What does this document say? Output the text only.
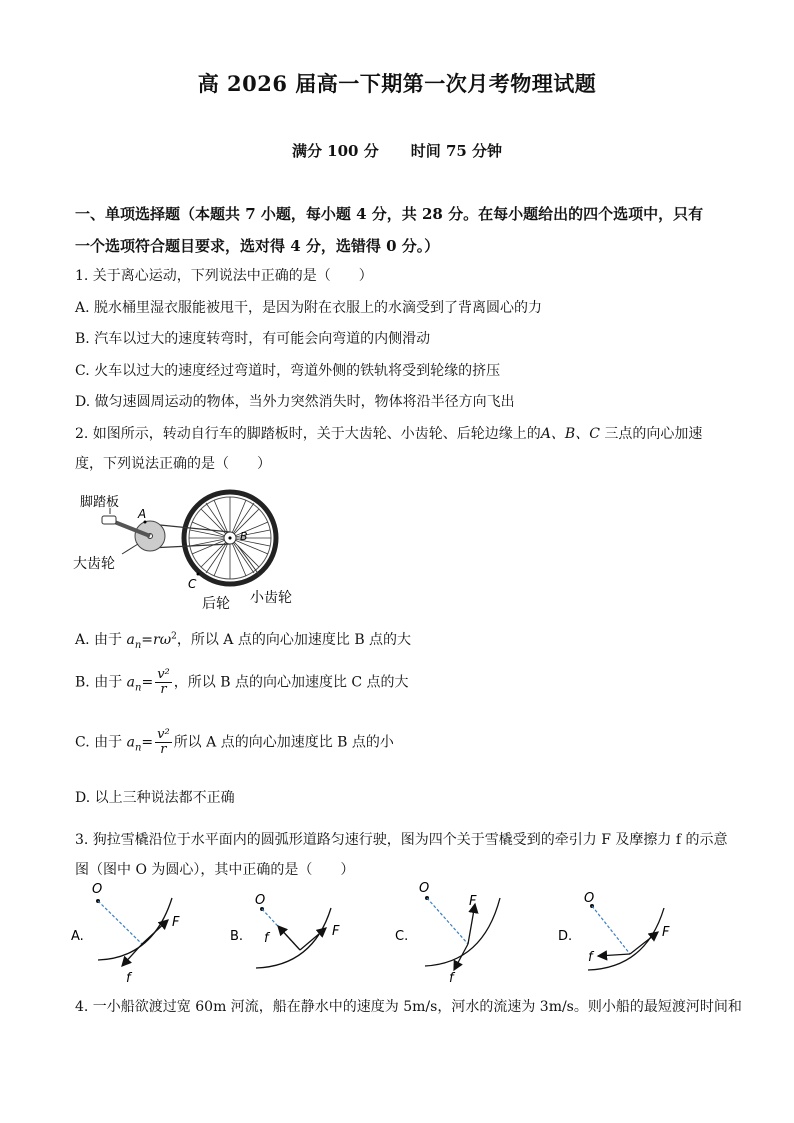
高 2026 届高一下期第一次月考物理试题
满分 100 分 时间 75 分钟
一、单项选择题（本题共 7 小题，每小题 4 分，共 28 分。在每小题给出的四个选项中，只有
一个选项符合题目要求，选对得 4 分，选错得 0 分。）
1. 关于离心运动，下列说法中正确的是（　　）
A. 脱水桶里湿衣服能被甩干，是因为附在衣服上的水滴受到了背离圆心的力
B. 汽车以过大的速度转弯时，有可能会向弯道的内侧滑动
C. 火车以过大的速度经过弯道时，弯道外侧的铁轨将受到轮缘的挤压
D. 做匀速圆周运动的物体，当外力突然消失时，物体将沿半径方向飞出
2. 如图所示，转动自行车的脚踏板时，关于大齿轮、小齿轮、后轮边缘上的A、B、C 三点的向心加速
度，下列说法正确的是（　　）
脚踏板
A
B
C
大齿轮
后轮 小齿轮
A. 由于 $a_n=r\omega^2$，所以 A 点的向心加速度比 B 点的大
B. 由于 $a_n= \frac{\text{v²}}{r}$ ，所以 B 点的向心加速度比 C 点的大
C. 由于 $a_n= \frac{\text{v²}}{r}$ 所以 A 点的向心加速度比 B 点的小
D. 以上三种说法都不正确
3. 狗拉雪橇沿位于水平面内的圆弧形道路匀速行驶，图为四个关于雪橇受到的牵引力 F 及摩擦力 f 的示意
图（图中 O 为圆心），其中正确的是（　　）
A.
O
F
f
B.
O
F
f	C.
O
F
f
D.
O
F
f
4. 一小船欲渡过宽 60m 河流，船在静水中的速度为 5m/s，河水的流速为 3m/s。则小船的最短渡河时间和
